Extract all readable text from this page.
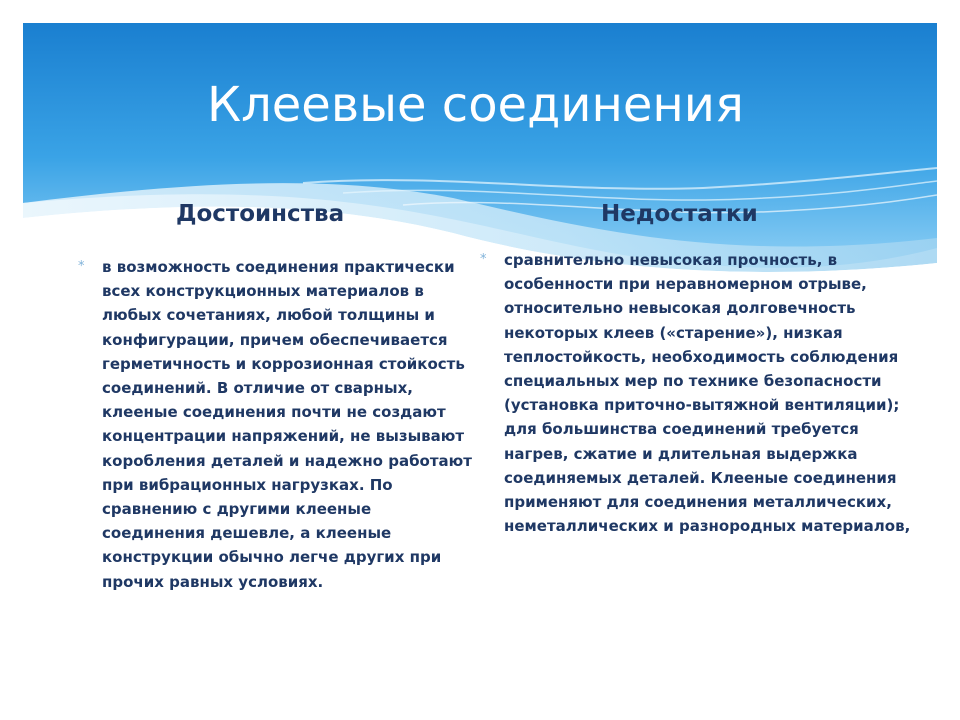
Клеевые соединения
Достоинства	Недостатки
* в возможность соединения практически всех конструкционных материалов в любых сочетаниях, любой толщины и конфигурации, причем обеспечивается герметичность и коррозионная стойкость соединений. В отличие от сварных, клееные соединения почти не создают концентрации напряжений, не вызывают коробления деталей и надежно работают при вибрационных нагрузках. По сравнению с другими клееные соединения дешевле, а клееные конструкции обычно легче других при прочих равных условиях.
* сравнительно невысокая прочность, в особенности при неравномерном отрыве, относительно невысокая долговечность некоторых клеев («старение»), низкая теплостойкость, необходимость соблюдения специальных мер по технике безопасности (установка приточно-вытяжной вентиляции); для большинства соединений требуется нагрев, сжатие и длительная выдержка соединяемых деталей. Клееные соединения применяют для соединения металлических, неметаллических и разнородных материалов,
